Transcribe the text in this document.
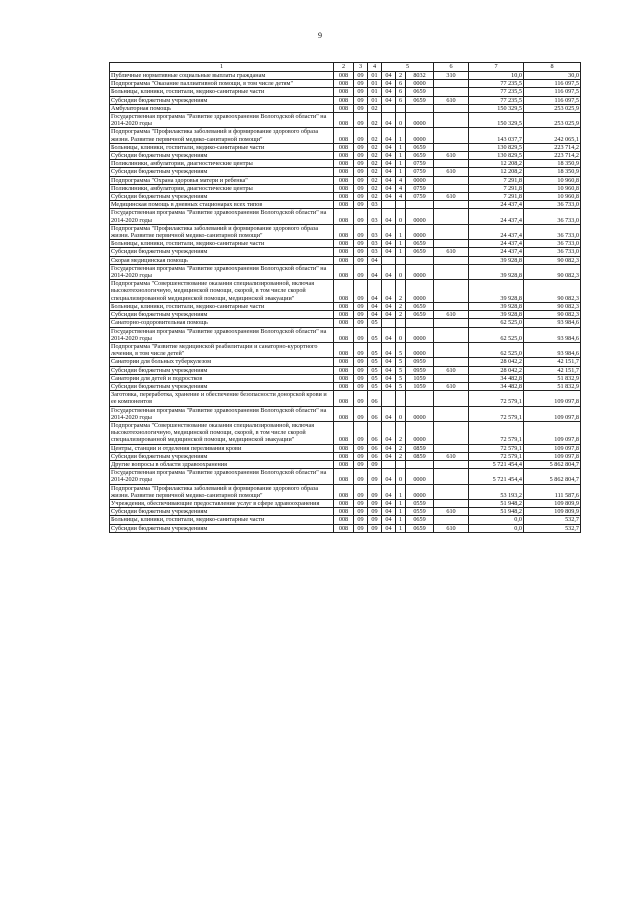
9
1	2	3	4	5			6	7	8
Публичные нормативные социальные выплаты гражданам	008	09	01	04	2	8032	310	10,0	30,0
Подпрограмма "Оказание паллиативной помощи, в том числе детям"	008	09	01	04	6	0000		77 235,5	116 097,5
Больницы, клиники, госпитали, медико-санитарные части	008	09	01	04	6	0659		77 235,5	116 097,5
Субсидии бюджетным учреждениям	008	09	01	04	6	0659	610	77 235,5	116 097,5
Амбулаторная помощь	008	09	02					150 329,5	253 025,9
Государственная программа "Развитие здравоохранения Вологодской области" на 2014-2020 годы	008	09	02	04	0	0000		150 329,5	253 025,9
Подпрограмма "Профилактика заболеваний и формирование здорового образа жизни. Развитие первичной медико-санитарной помощи"	008	09	02	04	1	0000		143 037,7	242 065,1
Больницы, клиники, госпитали, медико-санитарные части	008	09	02	04	1	0659		130 829,5	223 714,2
Субсидии бюджетным учреждениям	008	09	02	04	1	0659	610	130 829,5	223 714,2
Поликлиники, амбулатории, диагностические центры	008	09	02	04	1	0759		12 208,2	18 350,9
Субсидии бюджетным учреждениям	008	09	02	04	1	0759	610	12 208,2	18 350,9
Подпрограмма "Охрана здоровья матери и ребенка"	008	09	02	04	4	0000		7 291,8	10 960,8
Поликлиники, амбулатории, диагностические центры	008	09	02	04	4	0759		7 291,8	10 960,8
Субсидии бюджетным учреждениям	008	09	02	04	4	0759	610	7 291,8	10 960,8
Медицинская помощь в дневных стационарах всех типов	008	09	03					24 437,4	36 733,0
Государственная программа "Развитие здравоохранения Вологодской области" на 2014-2020 годы	008	09	03	04	0	0000		24 437,4	36 733,0
Подпрограмма "Профилактика заболеваний и формирование здорового образа жизни. Развитие первичной медико-санитарной помощи"	008	09	03	04	1	0000		24 437,4	36 733,0
Больницы, клиники, госпитали, медико-санитарные части	008	09	03	04	1	0659		24 437,4	36 733,0
Субсидии бюджетным учреждениям	008	09	03	04	1	0659	610	24 437,4	36 733,0
Скорая медицинская помощь	008	09	04					39 928,8	90 082,3
Государственная программа "Развитие здравоохранения Вологодской области" на 2014-2020 годы	008	09	04	04	0	0000		39 928,8	90 082,3
Подпрограмма "Совершенствование оказания специализированной, включая высокотехнологичную, медицинской помощи, скорой, в том числе скорой специализированной медицинской помощи, медицинской эвакуации"	008	09	04	04	2	0000		39 928,8	90 082,3
Больницы, клиники, госпитали, медико-санитарные части	008	09	04	04	2	0659		39 928,8	90 082,3
Субсидии бюджетным учреждениям	008	09	04	04	2	0659	610	39 928,8	90 082,3
Санаторно-оздоровительная помощь	008	09	05					62 525,0	93 984,6
Государственная программа "Развитие здравоохранения Вологодской области" на 2014-2020 годы	008	09	05	04	0	0000		62 525,0	93 984,6
Подпрограмма "Развитие медицинской реабилитации и санаторно-курортного лечения, в том числе детей"	008	09	05	04	5	0000		62 525,0	93 984,6
Санатории для больных туберкулезом	008	09	05	04	5	0959		28 042,2	42 151,7
Субсидии бюджетным учреждениям	008	09	05	04	5	0959	610	28 042,2	42 151,7
Санатории для детей и подростков	008	09	05	04	5	1059		34 482,8	51 832,9
Субсидии бюджетным учреждениям	008	09	05	04	5	1059	610	34 482,8	51 832,9
Заготовка, переработка, хранение и обеспечение безопасности донорской крови и ее компонентов	008	09	06					72 579,1	109 097,8
Государственная программа "Развитие здравоохранения Вологодской области" на 2014-2020 годы	008	09	06	04	0	0000		72 579,1	109 097,8
Подпрограмма "Совершенствование оказания специализированной, включая высокотехнологичную, медицинской помощи, скорой, в том числе скорой специализированной медицинской помощи, медицинской эвакуации"	008	09	06	04	2	0000		72 579,1	109 097,8
Центры, станции и отделения переливания крови	008	09	06	04	2	0859		72 579,1	109 097,8
Субсидии бюджетным учреждениям	008	09	06	04	2	0859	610	72 579,1	109 097,8
Другие вопросы в области здравоохранения	008	09	09					5 721 454,4	5 862 804,7
Государственная программа "Развитие здравоохранения Вологодской области" на 2014-2020 годы	008	09	09	04	0	0000		5 721 454,4	5 862 804,7
Подпрограмма "Профилактика заболеваний и формирование здорового образа жизни. Развитие первичной медико-санитарной помощи"	008	09	09	04	1	0000		53 193,2	111 587,6
Учреждения, обеспечивающие предоставление услуг в сфере здравоохранения	008	09	09	04	1	0559		51 948,2	109 809,9
Субсидии бюджетным учреждениям	008	09	09	04	1	0559	610	51 948,2	109 809,9
Больницы, клиники, госпитали, медико-санитарные части	008	09	09	04	1	0659		0,0	532,7
Субсидии бюджетным учреждениям	008	09	09	04	1	0659	610	0,0	532,7
